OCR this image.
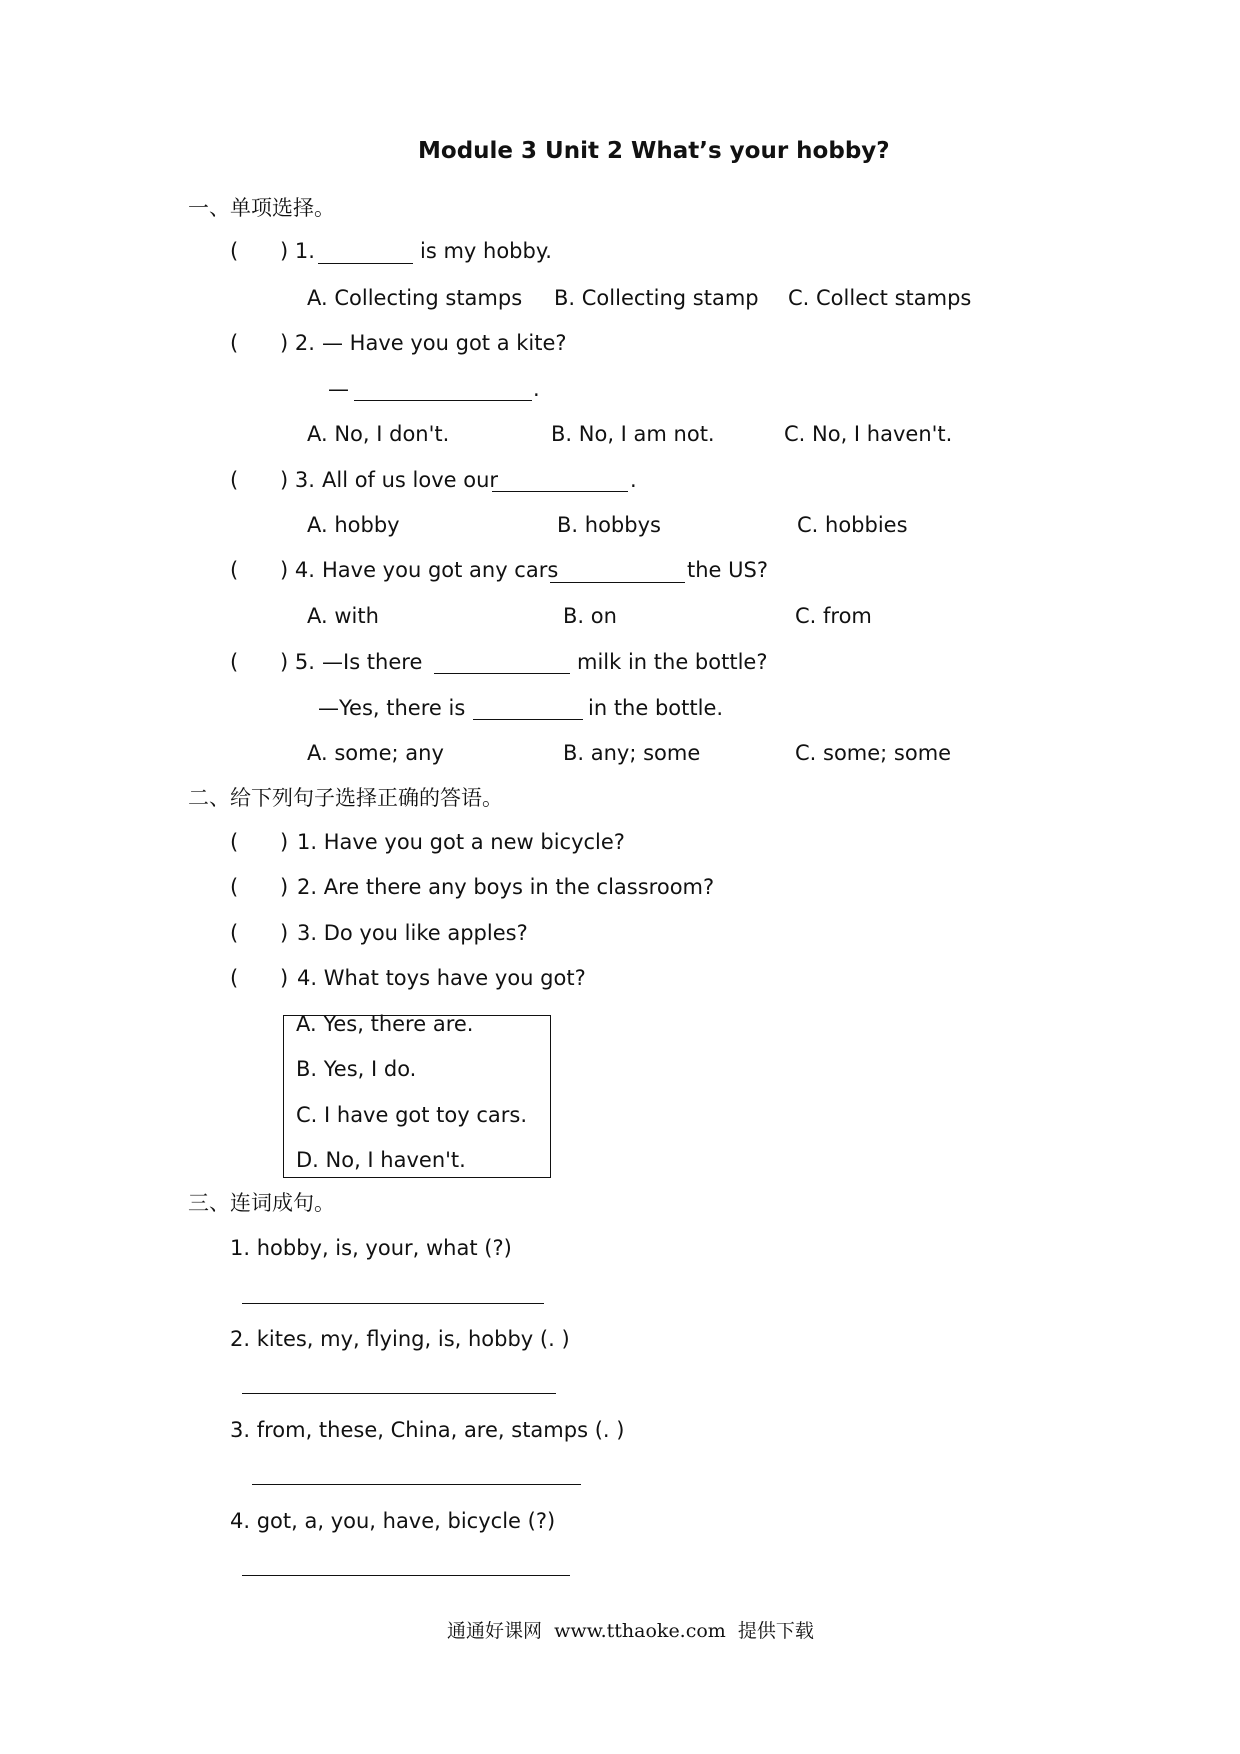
Module 3 Unit 2 What’s your hobby?
一、单项选择。
( ) 1.	is my hobby.
A. Collecting stamps B. Collecting stamp C. Collect stamps
( ) 2. — Have you got a kite?
—	.
A. No, I don't.	B. No, I am not.	C. No, I haven't.
( ) 3. All of us love our	.
A. hobby	B. hobbys	C. hobbies
( ) 4. Have you got any cars	the US?
A. with	B. on	C. from
( ) 5. —Is there	milk in the bottle?
—Yes, there is	in the bottle.
A. some; any	B. any; some	C. some; some
二、给下列句子选择正确的答语。
( ) 1. Have you got a new bicycle?
( ) 2. Are there any boys in the classroom?
( ) 3. Do you like apples?
( ) 4. What toys have you got?
A. Yes, there are.
B. Yes, I do.
C. I have got toy cars.
D. No, I haven't.
三、连词成句。
1. hobby, is, your, what (?)
2. kites, my, flying, is, hobby (. )
3. from, these, China, are, stamps (. )
4. got, a, you, have, bicycle (?)
通通好课网  www.tthaoke.com  提供下载
